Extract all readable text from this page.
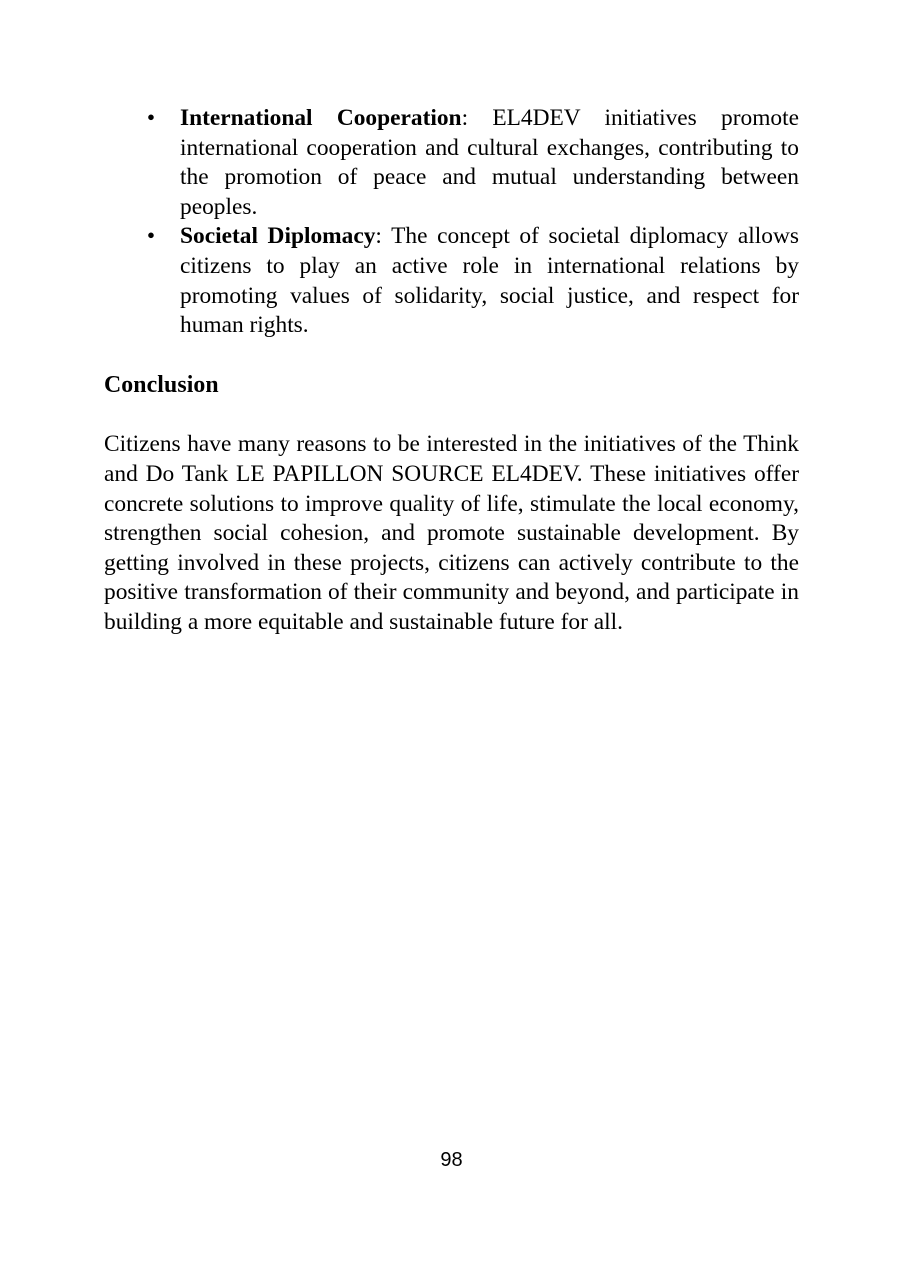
• International Cooperation: EL4DEV initiatives promote international cooperation and cultural exchanges, contributing to the promotion of peace and mutual understanding between peoples.
• Societal Diplomacy: The concept of societal diplomacy allows citizens to play an active role in international relations by promoting values of solidarity, social justice, and respect for human rights.
Conclusion

Citizens have many reasons to be interested in the initiatives of the Think and Do Tank LE PAPILLON SOURCE EL4DEV. These initiatives offer concrete solutions to improve quality of life, stimulate the local economy, strengthen social cohesion, and promote sustainable development. By getting involved in these projects, citizens can actively contribute to the positive transformation of their community and beyond, and participate in building a more equitable and sustainable future for all.

98
